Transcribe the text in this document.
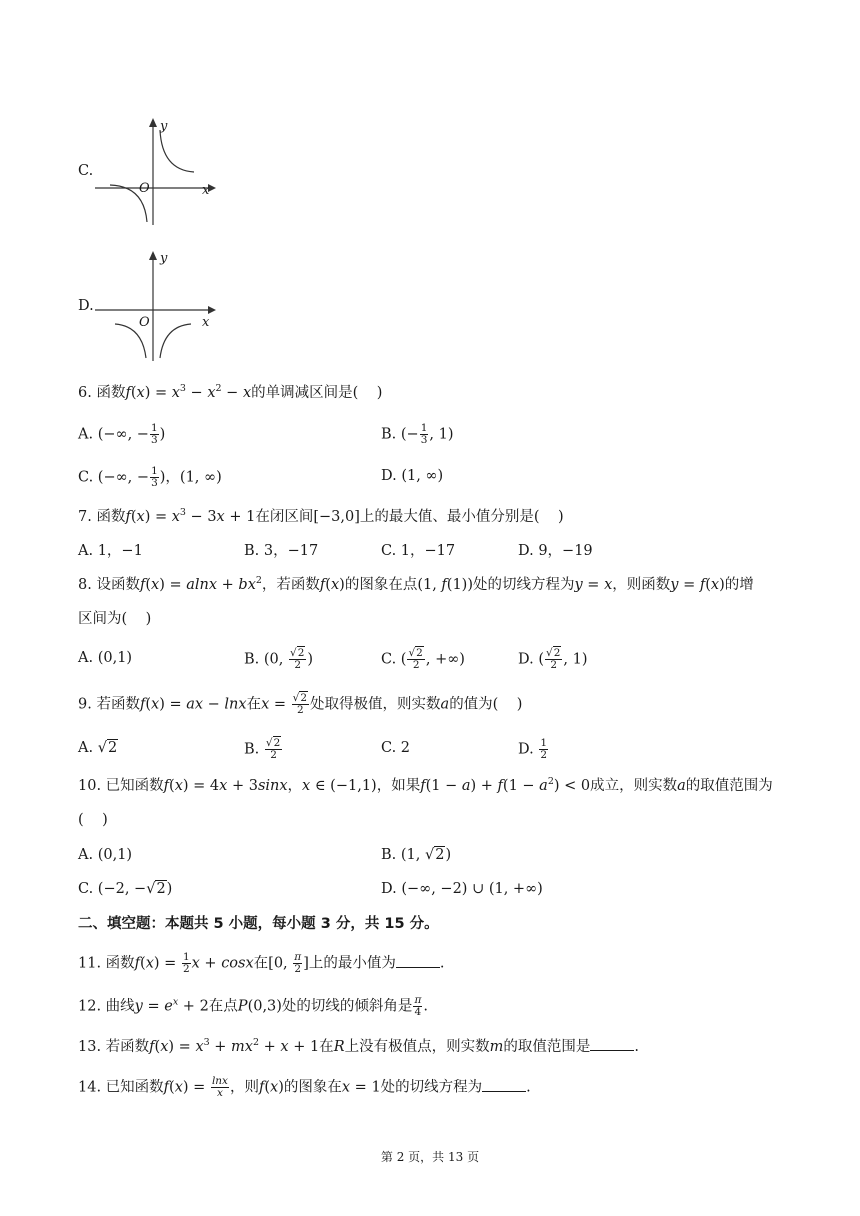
C.
y
x
O
D.
y
x
O
6. 函数$f(x) = x^3 - x^2 - x$的单调减区间是(    )
A. (−∞, − $\frac{1}{3}$ )	B. (− $\frac{1}{3}$ , 1)
C. (−∞, − $\frac{1}{3}$ )，(1, ∞)	D. (1, ∞)
7. 函数$f(x) = x^3 - 3x + 1$在闭区间[−3,0]上的最大值、最小值分别是(    )
A. 1，−1	B. 3，−17	C. 1，−17	D. 9，−19
8. 设函数$f(x) = alnx + bx^2$，若函数f(x)的图象在点(1, f(1))处的切线方程为y = x，则函数y = f(x)的增
区间为(    )
A. (0,1)	B. (0, $\frac{√2}{2}$ )	C. ( $\frac{√2}{2}$ , +∞)	D. ( $\frac{√2}{2}$ , 1)
9. 若函数f(x) = ax − lnx在$x = \frac{√2}{2}$ 处取得极值，则实数a的值为(    )
A. √2	B. $\frac{√2}{2}$	C. 2	D. $\frac{1}{2}$
10. 已知函数f(x) = 4x + 3sinx，x ∈ (−1,1)，如果$f(1 - a) + f(1 - a^2) < 0$成立，则实数a的取值范围为
(    )
A. (0,1)	B. (1, √2)
C. (−2, −√2)	D. (−∞, −2) ∪ (1, +∞)
二、填空题：本题共 5 小题，每小题 3 分，共 15 分。
11. 函数$f(x) = \frac{1}{2}$ x + cosx在[0, $\frac{\pi}{2}$ ]上的最小值为	.
12. 曲线$y = e^x + 2$在点P(0,3)处的切线的倾斜角是 $\frac{\pi}{4}$ .
13. 若函数$f(x) = x^3 + mx^2 + x + 1$在R上没有极值点，则实数m的取值范围是	.
14. 已知函数$f(x) = \frac{\ln x}{x}$ ，则f(x)的图象在x = 1处的切线方程为	.
第 2 页，共 13 页
